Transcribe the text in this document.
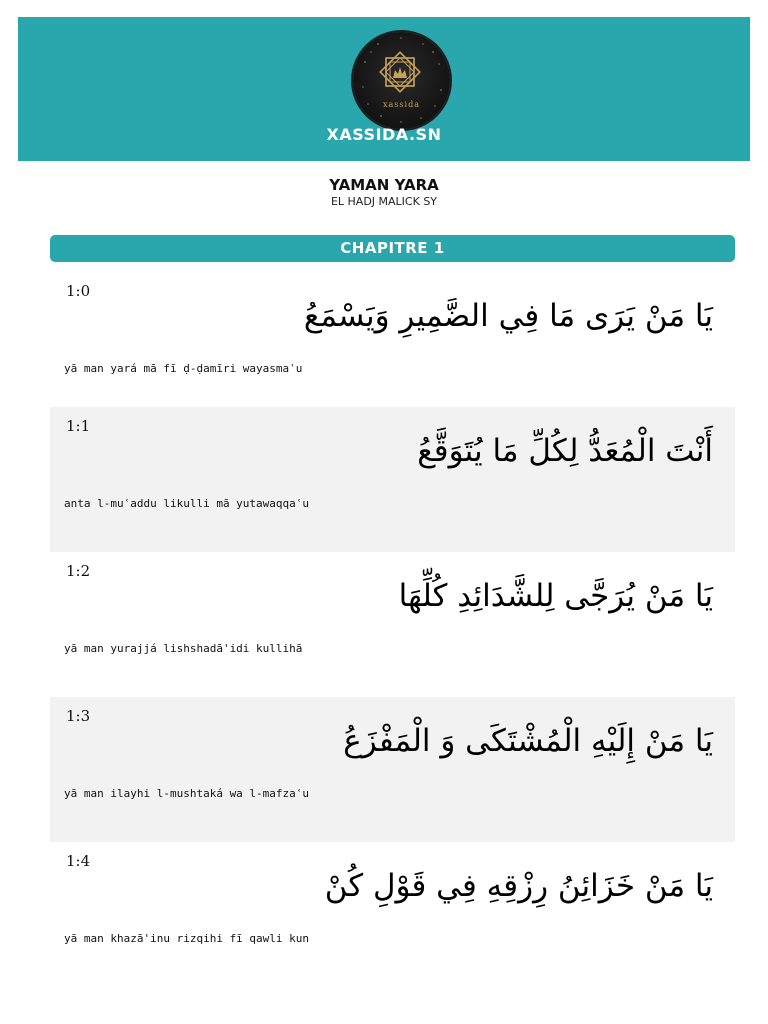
xassida
XASSIDA.SN
YAMAN YARA
EL HADJ MALICK SY
CHAPITRE 1
1:0
يَا مَنْ يَرَى مَا فِي الضَّمِيرِ وَيَسْمَعُ
yā man yará mā fī ḍ-ḍamīri wayasmaʿu
1:1
أَنْتَ الْمُعَدُّ لِكُلِّ مَا يُتَوَقَّعُ
anta l-muʿaddu likulli mā yutawaqqaʿu
1:2
يَا مَنْ يُرَجَّى لِلشَّدَائِدِ كُلِّهَا
yā man yurajjá lishshadā'idi kullihā
1:3
يَا مَنْ إِلَيْهِ الْمُشْتَكَى وَ الْمَفْزَعُ
yā man ilayhi l-mushtaká wa l-mafzaʿu
1:4
يَا مَنْ خَزَائِنُ رِزْقِهِ فِي قَوْلِ كُنْ
yā man khazā'inu rizqihi fī qawli kun
